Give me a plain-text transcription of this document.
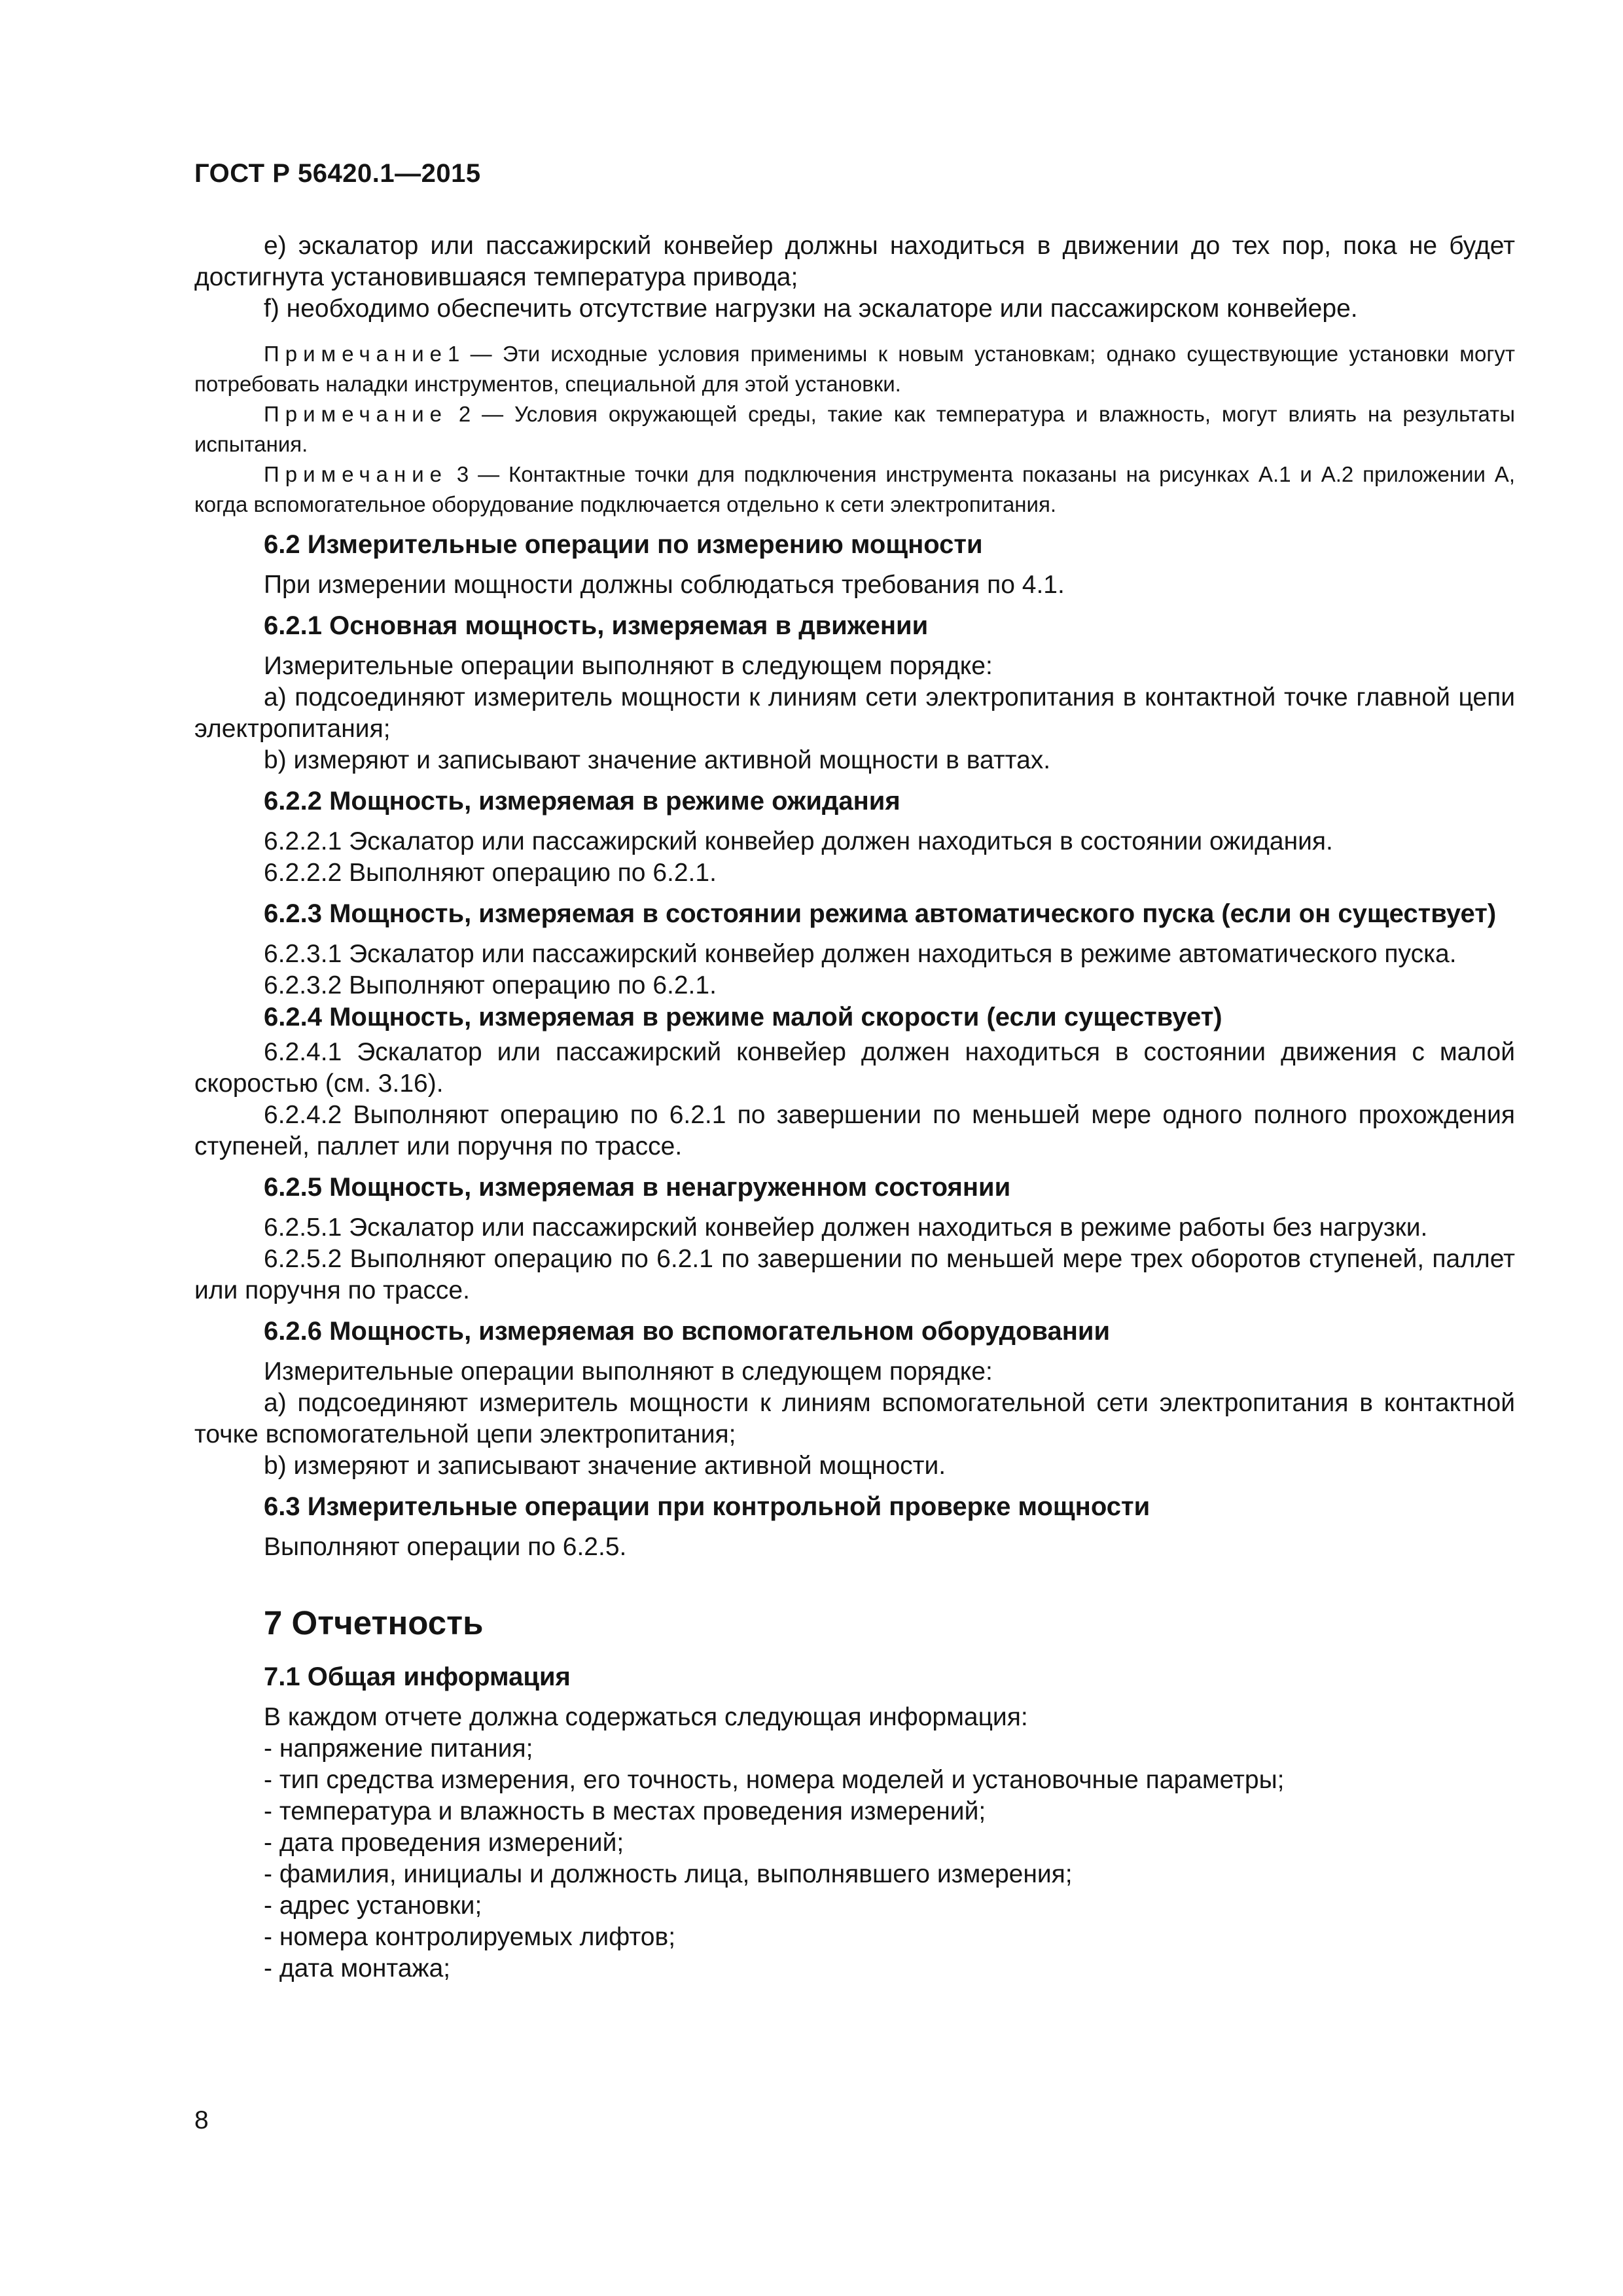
ГОСТ Р 56420.1—2015

e) эскалатор или пассажирский конвейер должны находиться в движении до тех пор, пока не будет достигнута установившаяся температура привода;

f) необходимо обеспечить отсутствие нагрузки на эскалаторе или пассажирском конвейере.

Примечание1 — Эти исходные условия применимы к новым установкам; однако существующие установки могут потребовать наладки инструментов, специальной для этой установки.

Примечание 2 — Условия окружающей среды, такие как температура и влажность, могут влиять на результаты испытания.

Примечание 3 — Контактные точки для подключения инструмента показаны на рисунках А.1 и А.2 приложении А, когда вспомогательное оборудование подключается отдельно к сети электропитания.

6.2 Измерительные операции по измерению мощности

При измерении мощности должны соблюдаться требования по 4.1.

6.2.1 Основная мощность, измеряемая в движении

Измерительные операции выполняют в следующем порядке:

a) подсоединяют измеритель мощности к линиям сети электропитания в контактной точке главной цепи электропитания;

b) измеряют и записывают значение активной мощности в ваттах.

6.2.2 Мощность, измеряемая в режиме ожидания

6.2.2.1 Эскалатор или пассажирский конвейер должен находиться в состоянии ожидания.

6.2.2.2 Выполняют операцию по 6.2.1.

6.2.3 Мощность, измеряемая в состоянии режима автоматического пуска (если он существует)

6.2.3.1 Эскалатор или пассажирский конвейер должен находиться в режиме автоматического пуска.

6.2.3.2 Выполняют операцию по 6.2.1.

6.2.4 Мощность, измеряемая в режиме малой скорости (если существует)

6.2.4.1 Эскалатор или пассажирский конвейер должен находиться в состоянии движения с малой скоростью (см. 3.16).

6.2.4.2 Выполняют операцию по 6.2.1 по завершении по меньшей мере одного полного прохождения ступеней, паллет или поручня по трассе.

6.2.5 Мощность, измеряемая в ненагруженном состоянии

6.2.5.1 Эскалатор или пассажирский конвейер должен находиться в режиме работы без нагрузки.

6.2.5.2 Выполняют операцию по 6.2.1 по завершении по меньшей мере трех оборотов ступеней, паллет или поручня по трассе.

6.2.6 Мощность, измеряемая во вспомогательном оборудовании

Измерительные операции выполняют в следующем порядке:

a) подсоединяют измеритель мощности к линиям вспомогательной сети электропитания в контактной точке вспомогательной цепи электропитания;

b) измеряют и записывают значение активной мощности.

6.3 Измерительные операции при контрольной проверке мощности

Выполняют операции по 6.2.5.

7 Отчетность
7.1 Общая информация

В каждом отчете должна содержаться следующая информация:

- напряжение питания;

- тип средства измерения, его точность, номера моделей и установочные параметры;

- температура и влажность в местах проведения измерений;

- дата проведения измерений;

- фамилия, инициалы и должность лица, выполнявшего измерения;

- адрес установки;

- номера контролируемых лифтов;

- дата монтажа;

8
